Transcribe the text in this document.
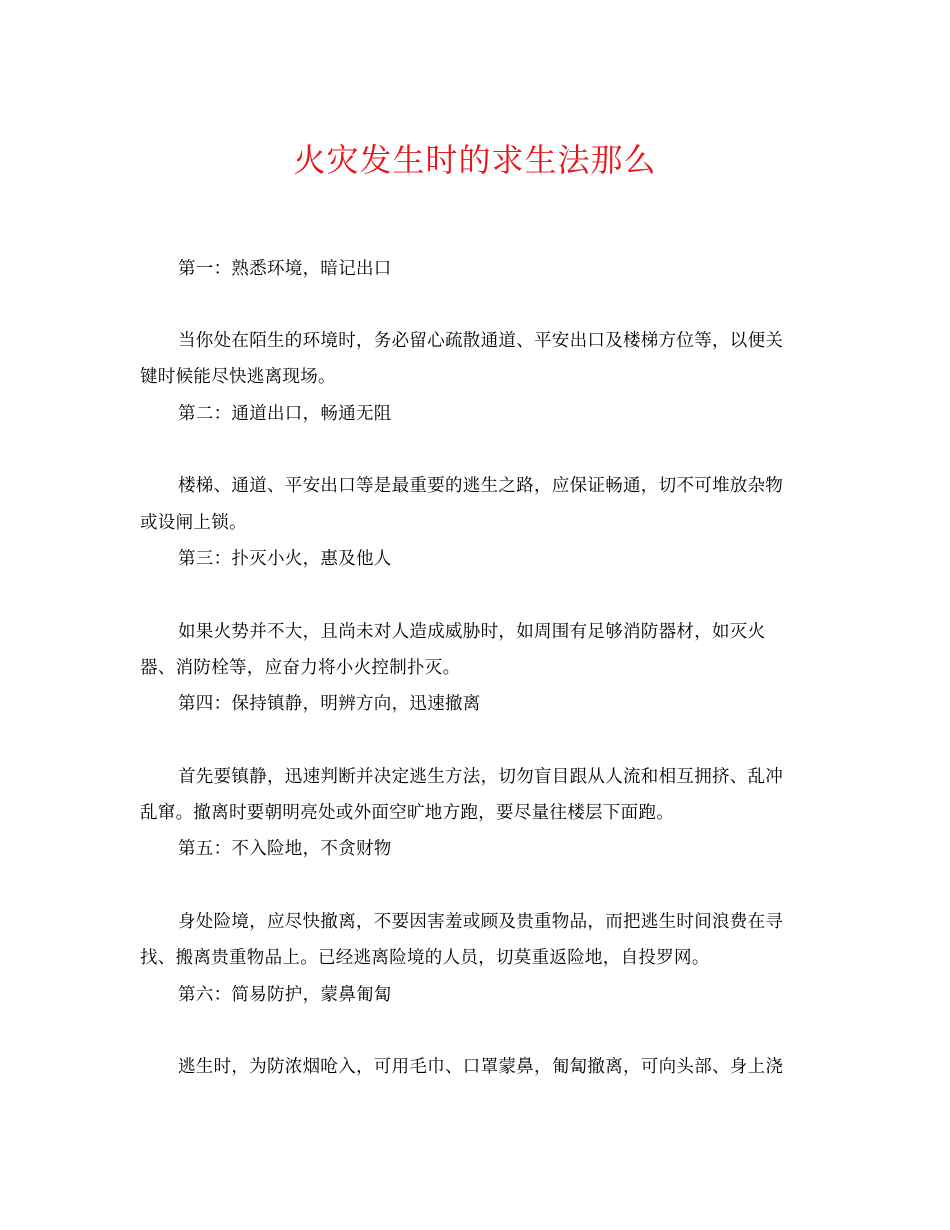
火灾发生时的求生法那么
第一：熟悉环境，暗记出口
当你处在陌生的环境时，务必留心疏散通道、平安出口及楼梯方位等，以便关
键时候能尽快逃离现场。
第二：通道出口，畅通无阻
楼梯、通道、平安出口等是最重要的逃生之路，应保证畅通，切不可堆放杂物
或设闸上锁。
第三：扑灭小火，惠及他人
如果火势并不大，且尚未对人造成威胁时，如周围有足够消防器材，如灭火
器、消防栓等，应奋力将小火控制扑灭。
第四：保持镇静，明辨方向，迅速撤离
首先要镇静，迅速判断并决定逃生方法，切勿盲目跟从人流和相互拥挤、乱冲
乱窜。撤离时要朝明亮处或外面空旷地方跑，要尽量往楼层下面跑。
第五：不入险地，不贪财物
身处险境，应尽快撤离，不要因害羞或顾及贵重物品，而把逃生时间浪费在寻
找、搬离贵重物品上。已经逃离险境的人员，切莫重返险地，自投罗网。
第六：简易防护，蒙鼻匍匐
逃生时，为防浓烟呛入，可用毛巾、口罩蒙鼻，匍匐撤离，可向头部、身上浇
